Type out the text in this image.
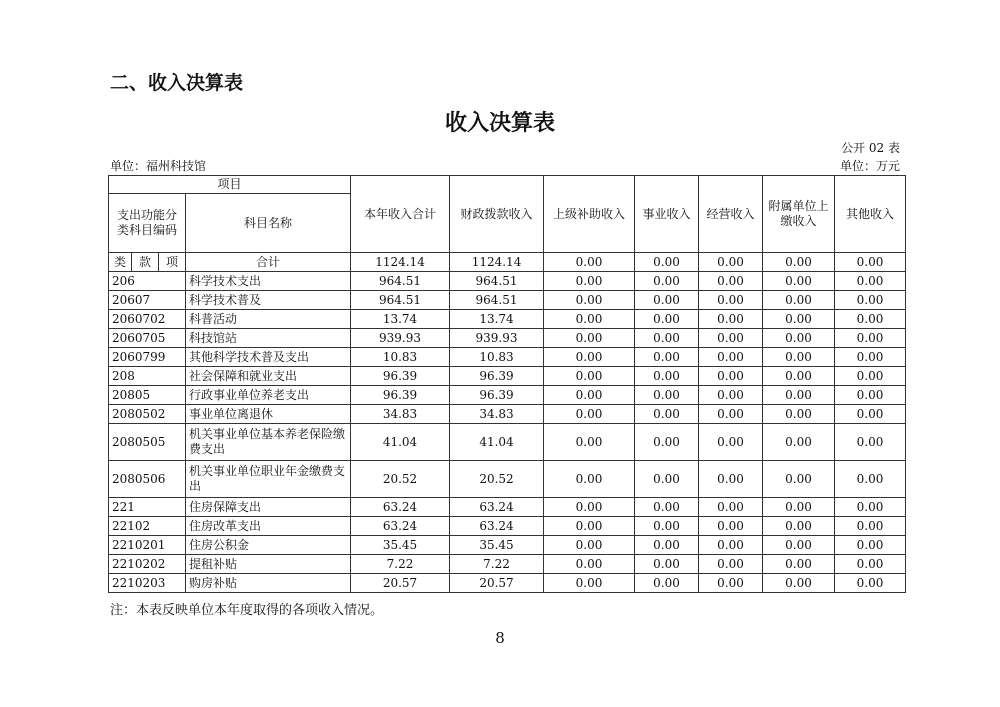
二、收入决算表
收入决算表
公开 02 表
单位：福州科技馆	单位：万元
项目				本年收入合计	财政拨款收入	上级补助收入	事业收入	经营收入	附属单位上缴收入	其他收入
支出功能分类科目编码			科目名称							
类	款	项	合计	1124.14	1124.14	0.00	0.00	0.00	0.00	0.00
206			科学技术支出	964.51	964.51	0.00	0.00	0.00	0.00	0.00
20607			科学技术普及	964.51	964.51	0.00	0.00	0.00	0.00	0.00
2060702			科普活动	13.74	13.74	0.00	0.00	0.00	0.00	0.00
2060705			科技馆站	939.93	939.93	0.00	0.00	0.00	0.00	0.00
2060799			其他科学技术普及支出	10.83	10.83	0.00	0.00	0.00	0.00	0.00
208			社会保障和就业支出	96.39	96.39	0.00	0.00	0.00	0.00	0.00
20805			行政事业单位养老支出	96.39	96.39	0.00	0.00	0.00	0.00	0.00
2080502			事业单位离退休	34.83	34.83	0.00	0.00	0.00	0.00	0.00
2080505			机关事业单位基本养老保险缴费支出	41.04	41.04	0.00	0.00	0.00	0.00	0.00
2080506			机关事业单位职业年金缴费支出	20.52	20.52	0.00	0.00	0.00	0.00	0.00
221			住房保障支出	63.24	63.24	0.00	0.00	0.00	0.00	0.00
22102			住房改革支出	63.24	63.24	0.00	0.00	0.00	0.00	0.00
2210201			住房公积金	35.45	35.45	0.00	0.00	0.00	0.00	0.00
2210202			提租补贴	7.22	7.22	0.00	0.00	0.00	0.00	0.00
2210203			购房补贴	20.57	20.57	0.00	0.00	0.00	0.00	0.00
注：本表反映单位本年度取得的各项收入情况。
8
